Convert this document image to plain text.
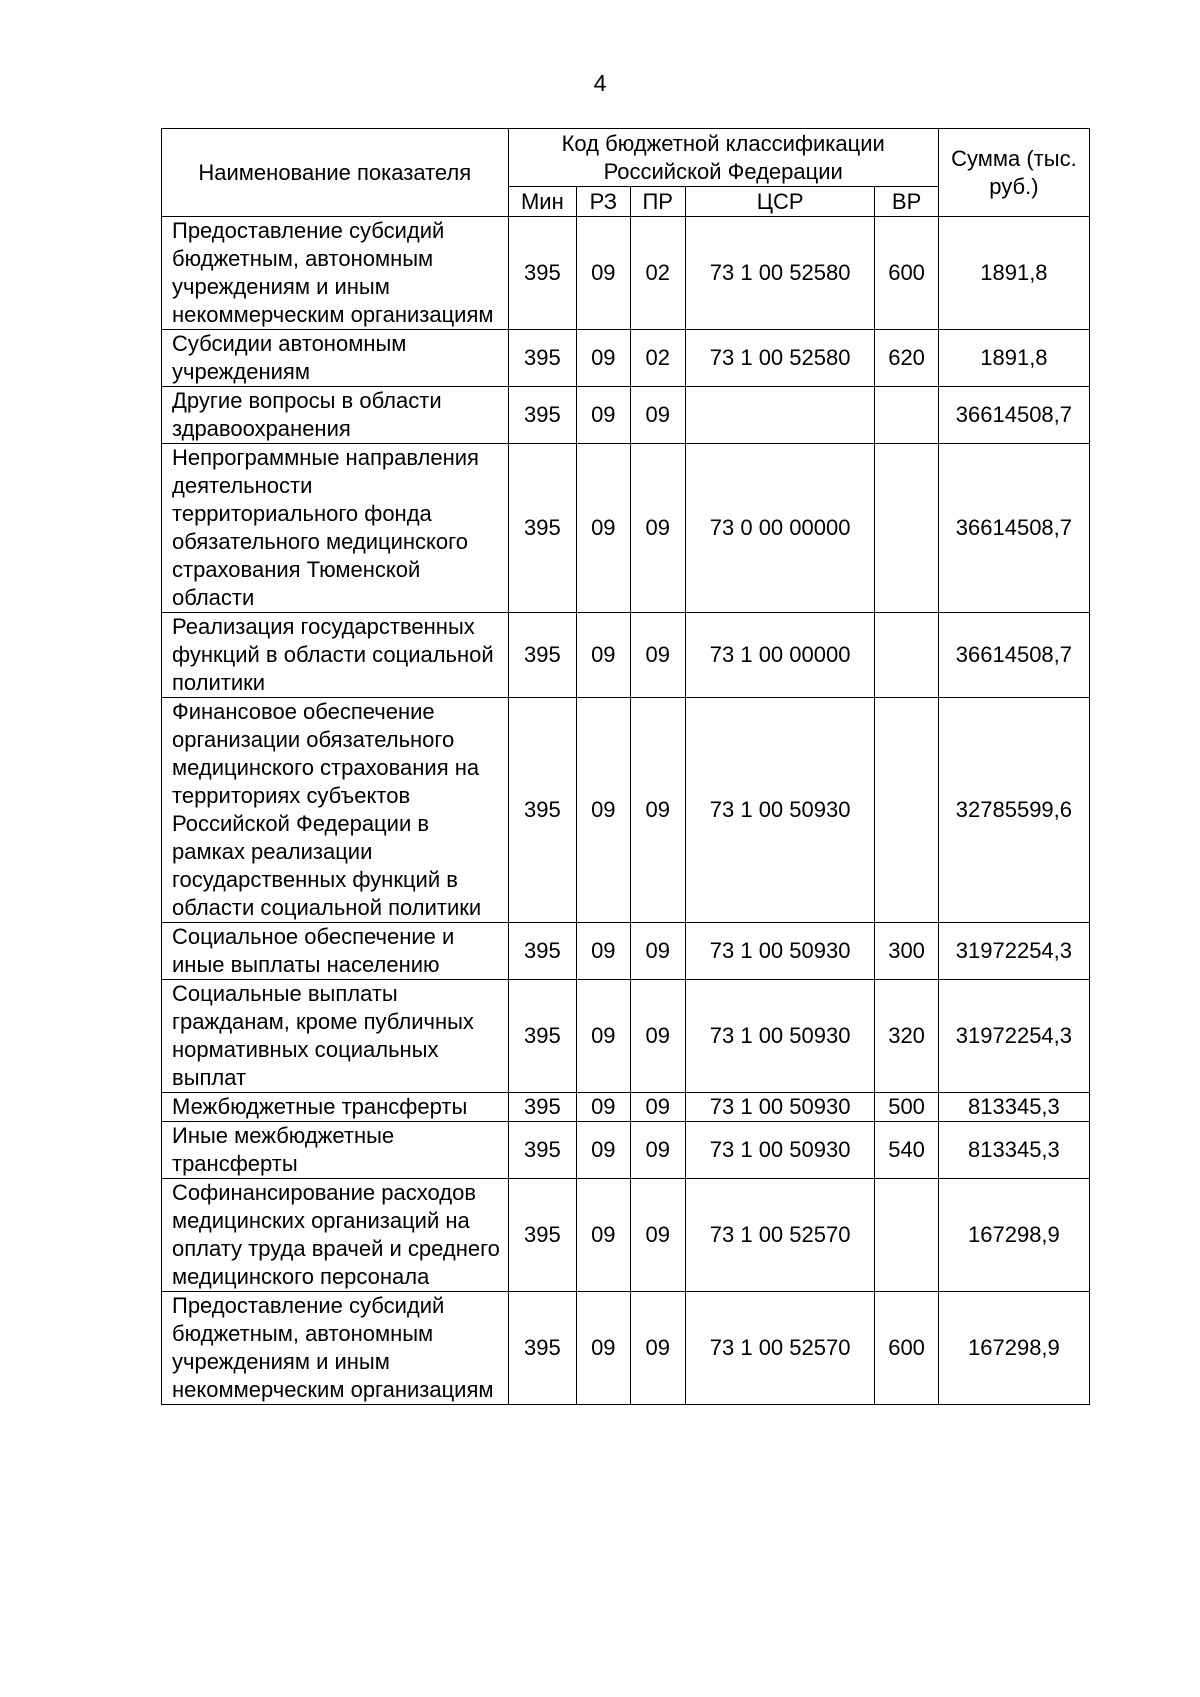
4
Наименование показателя	Код бюджетной классификации Российской Федерации					Сумма (тыс. руб.)
	Мин	РЗ	ПР	ЦСР	ВР	
Предоставление субсидий бюджетным, автономным учреждениям и иным некоммерческим организациям	395	09	02	73 1 00 52580	600	1891,8
Субсидии автономным учреждениям	395	09	02	73 1 00 52580	620	1891,8
Другие вопросы в области здравоохранения	395	09	09			36614508,7
Непрограммные направления деятельности территориального фонда обязательного медицинского страхования Тюменской области	395	09	09	73 0 00 00000		36614508,7
Реализация государственных функций в области социальной политики	395	09	09	73 1 00 00000		36614508,7
Финансовое обеспечение организации обязательного медицинского страхования на территориях субъектов Российской Федерации в рамках реализации государственных функций в области социальной политики	395	09	09	73 1 00 50930		32785599,6
Социальное обеспечение и иные выплаты населению	395	09	09	73 1 00 50930	300	31972254,3
Социальные выплаты гражданам, кроме публичных нормативных социальных выплат	395	09	09	73 1 00 50930	320	31972254,3
Межбюджетные трансферты	395	09	09	73 1 00 50930	500	813345,3
Иные межбюджетные трансферты	395	09	09	73 1 00 50930	540	813345,3
Софинансирование расходов медицинских организаций на оплату труда врачей и среднего медицинского персонала	395	09	09	73 1 00 52570		167298,9
Предоставление субсидий бюджетным, автономным учреждениям и иным некоммерческим организациям	395	09	09	73 1 00 52570	600	167298,9
